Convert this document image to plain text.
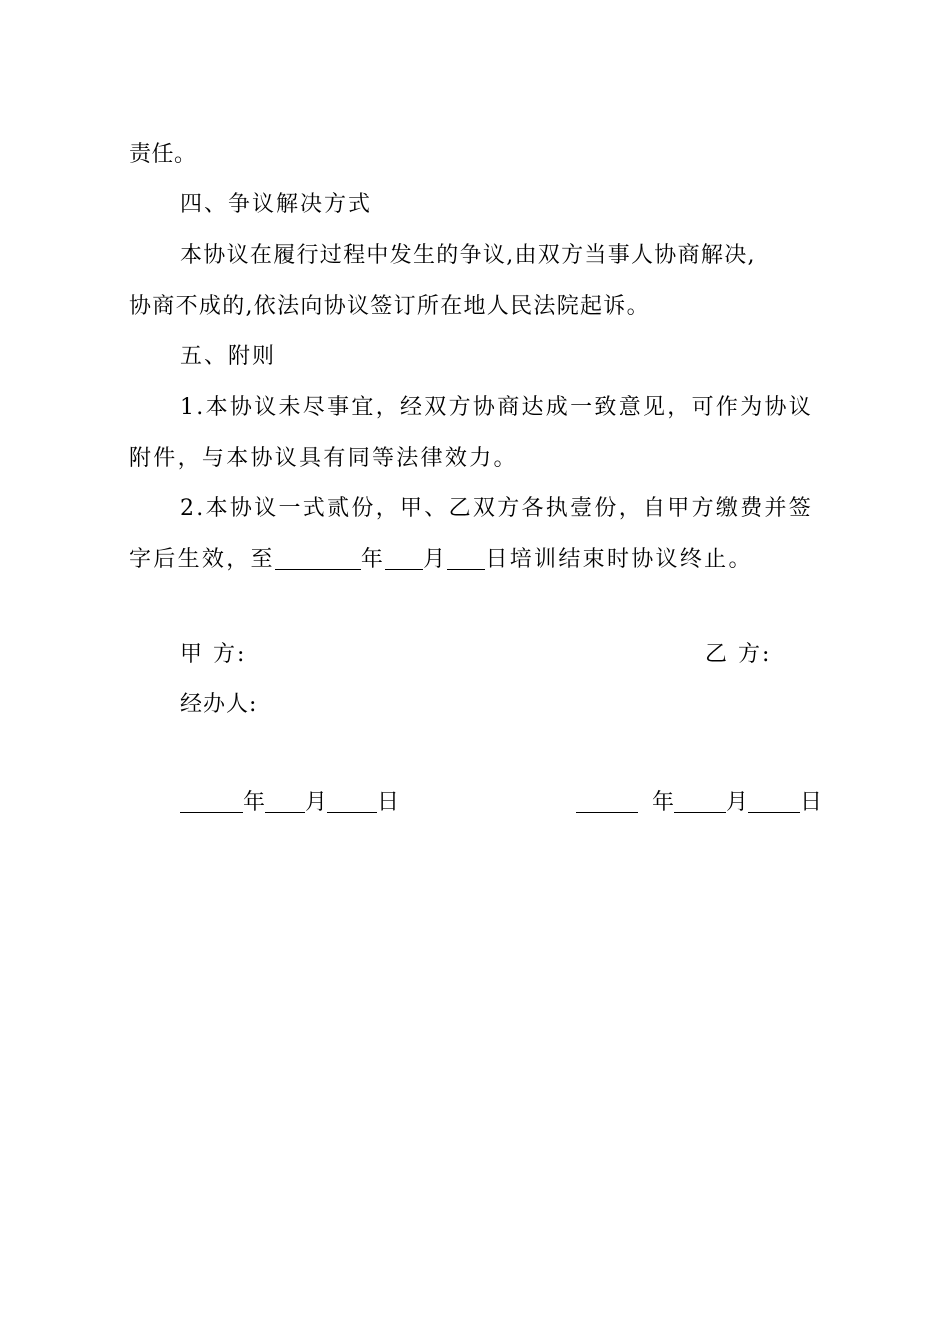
责任。
四、争议解决方式
本协议在履行过程中发生的争议,由双方当事人协商解决,
协商不成的,依法向协议签订所在地人民法院起诉。
五、附则
1.本协议未尽事宜，经双方协商达成一致意见，可作为协议
附件，与本协议具有同等法律效力。
2.本协议一式贰份，甲、乙双方各执壹份，自甲方缴费并签
字后生效，至	年 月 日培训结束时协议终止。
甲 方:	乙 方:
经办人:
年 月 日	年 月 日
